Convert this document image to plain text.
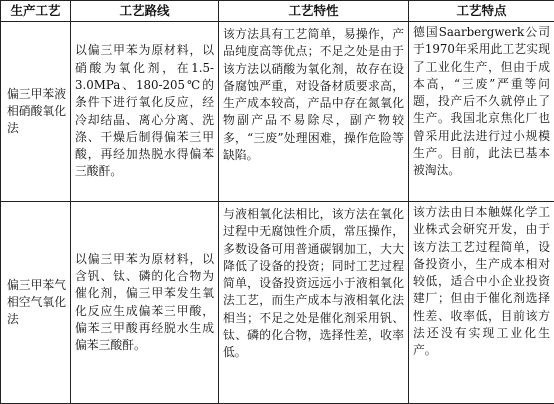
生产工艺	工艺路线	工艺特性	工艺特点
偏三甲苯液相硝酸氧化法	以偏三甲苯为原材料，以硝酸为氧化剂，在1.5-3.0MPa、180-205℃的条件下进行氧化反应，经冷却结晶、离心分离、洗涤、干燥后制得偏苯三甲酸，再经加热脱水得偏苯三酸酐。	该方法具有工艺简单，易操作，产品纯度高等优点；不足之处是由于该方法以硝酸为氧化剂，故存在设备腐蚀严重，对设备材质要求高，生产成本较高，产品中存在氮氧化物副产品不易除尽，副产物较多，“三废”处理困难，操作危险等缺陷。	德国Saarbergwerk公司于1970年采用此工艺实现了工业化生产，但由于成本高，“三废”严重等问题，投产后不久就停止了生产。我国北京焦化厂也曾采用此法进行过小规模生产。目前，此法已基本被淘汰。
偏三甲苯气相空气氧化法	以偏三甲苯为原材料，以含钒、钛、磷的化合物为催化剂，偏三甲苯发生氧化反应生成偏苯三甲酸，偏苯三甲酸再经脱水生成偏苯三酸酐。	与液相氧化法相比，该方法在氧化过程中无腐蚀性介质，常压操作，多数设备可用普通碳钢加工，大大降低了设备的投资；同时工艺过程简单，设备投资远远小于液相氧化法工艺，而生产成本与液相氧化法相当；不足之处是催化剂采用钒、钛、磷的化合物，选择性差，收率低。	该方法由日本触媒化学工业株式会研究开发，由于该方法工艺过程简单，设备投资小，生产成本相对较低，适合中小企业投资建厂；但由于催化剂选择性差、收率低，目前该方法还没有实现工业化生产。
